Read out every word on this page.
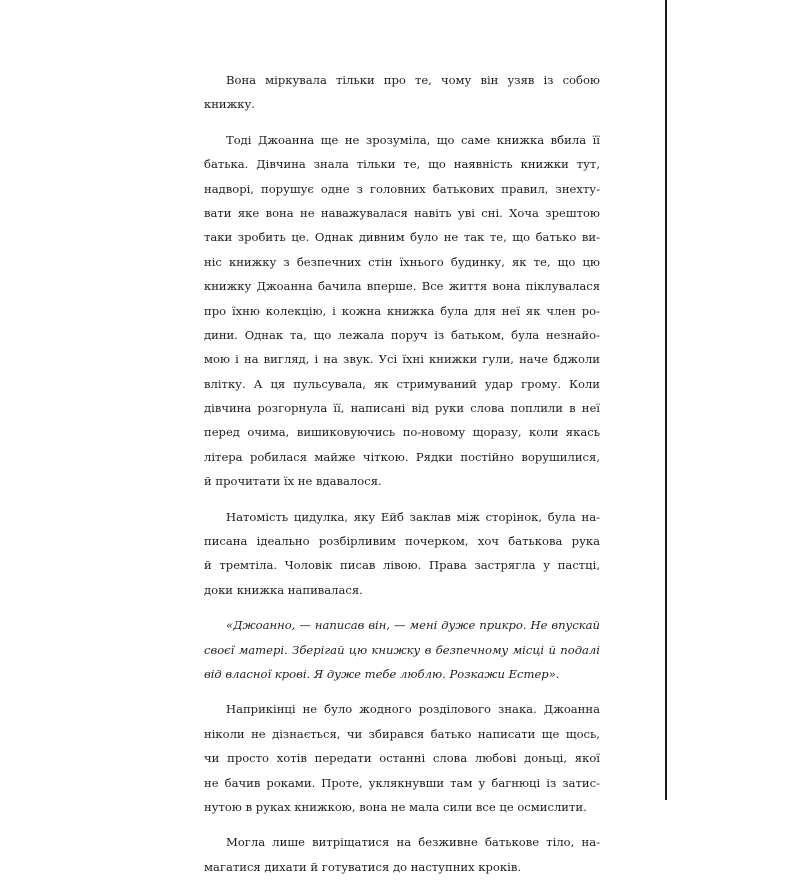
Вона міркувала тільки про те, чому він узяв із собою
книжку.
Тоді Джоанна ще не зрозуміла, що саме книжка вбила її
батька. Дівчина знала тільки те, що наявність книжки тут,
надворі, порушує одне з головних батькових правил, знехту-
вати яке вона не наважувалася навіть уві сні. Хоча зрештою
таки зробить це. Однак дивним було не так те, що батько ви-
ніс книжку з безпечних стін їхнього будинку, як те, що цю
книжку Джоанна бачила вперше. Все життя вона піклувалася
про їхню колекцію, і кожна книжка була для неї як член ро-
дини. Однак та, що лежала поруч із батьком, була незнайо-
мою і на вигляд, і на звук. Усі їхні книжки гули, наче бджоли
влітку. А ця пульсувала, як стримуваний удар грому. Коли
дівчина розгорнула її, написані від руки слова поплили в неї
перед очима, вишиковуючись по-новому щоразу, коли якась
літера робилася майже чіткою. Рядки постійно ворушилися,
й прочитати їх не вдавалося.
Натомість цидулка, яку Ейб заклав між сторінок, була на-
писана ідеально розбірливим почерком, хоч батькова рука
й тремтіла. Чоловік писав лівою. Права застрягла у пастці,
доки книжка напивалася.
«Джоанно, — написав він, — мені дуже прикро. Не впускай
своєї матері. Зберігай цю книжку в безпечному місці й подалі
від власної крові. Я дуже тебе люблю. Розкажи Естер».
Наприкінці не було жодного розділового знака. Джоанна
ніколи не дізнається, чи збирався батько написати ще щось,
чи просто хотів передати останні слова любові доньці, якої
не бачив роками. Проте, уклякнувши там у багнюці із затис-
нутою в руках книжкою, вона не мала сили все це осмислити.
Могла лише витріщатися на безживне батькове тіло, на-
магатися дихати й готуватися до наступних кроків.
